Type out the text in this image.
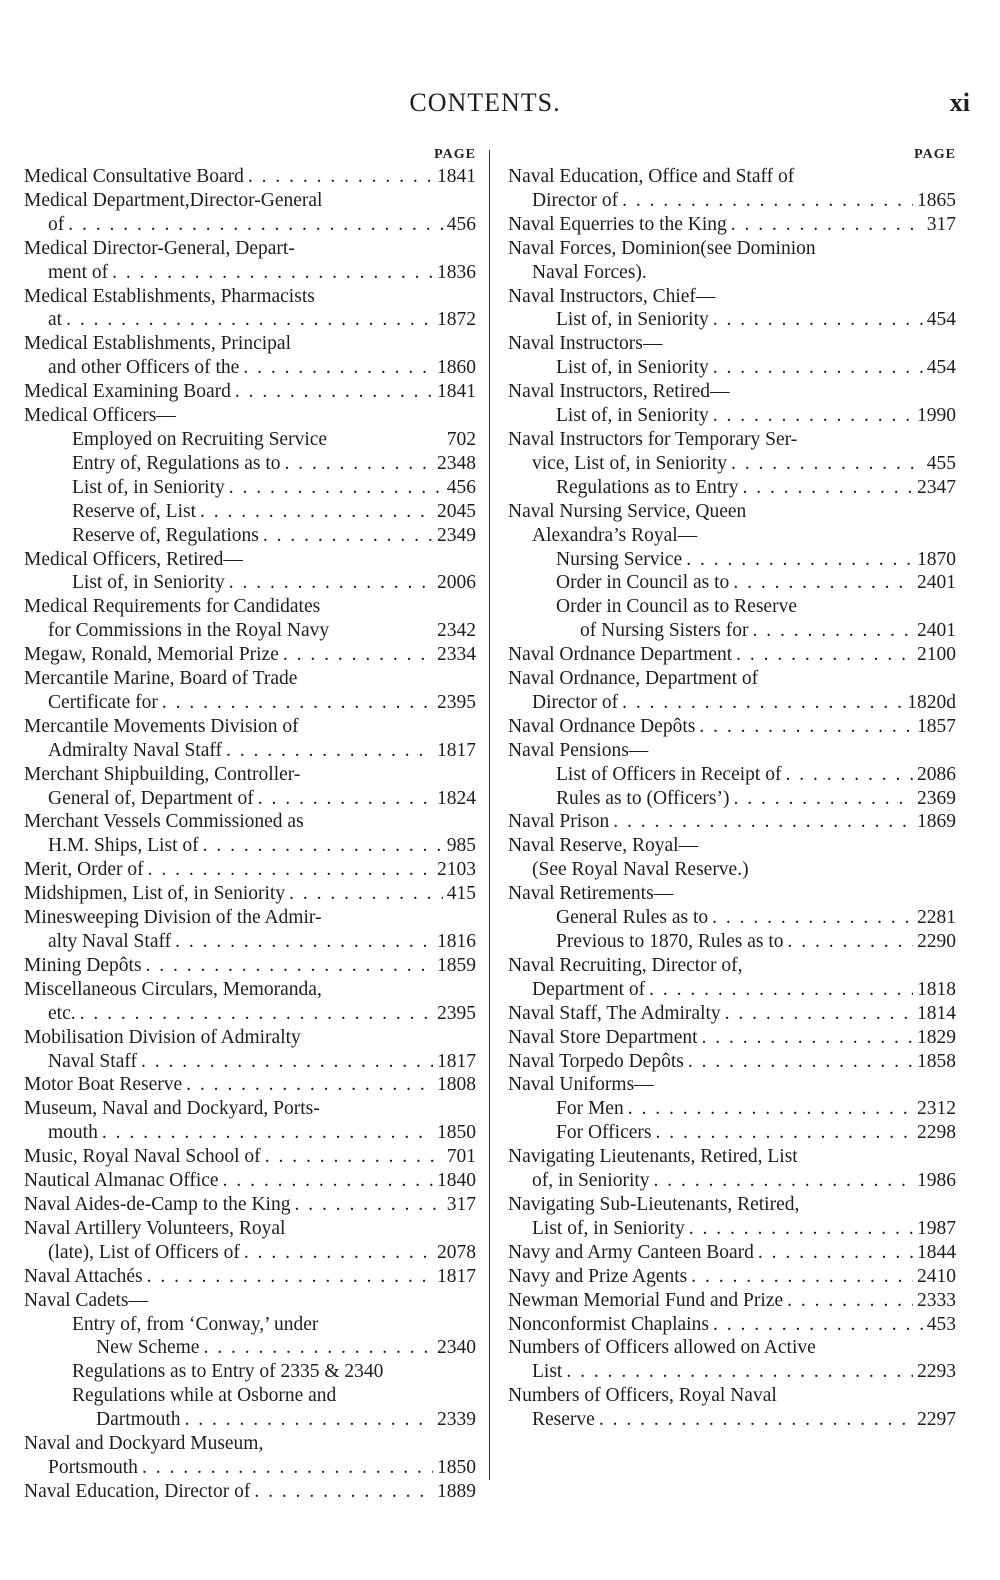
CONTENTS.	xi
PAGE
Medical Consultative Board . . .	1841
Medical Department,Director-General
of . . .	456
Medical Director-General, Depart-
ment of . . .	1836
Medical Establishments, Pharmacists
at . . .	1872
Medical Establishments, Principal
and other Officers of the . . .	1860
Medical Examining Board . . .	1841
Medical Officers—
Employed on Recruiting Service	702
Entry of, Regulations as to . . .	2348
List of, in Seniority . . .	456
Reserve of, List . . .	2045
Reserve of, Regulations . . .	2349
Medical Officers, Retired—
List of, in Seniority . . .	2006
Medical Requirements for Candidates
for Commissions in the Royal Navy	2342
Megaw, Ronald, Memorial Prize . . .	2334
Mercantile Marine, Board of Trade
Certificate for . . .	2395
Mercantile Movements Division of
Admiralty Naval Staff . . .	1817
Merchant Shipbuilding, Controller-
General of, Department of . . .	1824
Merchant Vessels Commissioned as
H.M. Ships, List of . . .	985
Merit, Order of . . .	2103
Midshipmen, List of, in Seniority . . .	415
Minesweeping Division of the Admir-
alty Naval Staff . . .	1816
Mining Depôts . . .	1859
Miscellaneous Circulars, Memoranda,
etc. . . .	2395
Mobilisation Division of Admiralty
Naval Staff . . .	1817
Motor Boat Reserve . . .	1808
Museum, Naval and Dockyard, Ports-
mouth . . .	1850
Music, Royal Naval School of . . .	701
Nautical Almanac Office . . .	1840
Naval Aides-de-Camp to the King . . .	317
Naval Artillery Volunteers, Royal
(late), List of Officers of . . .	2078
Naval Attachés . . .	1817
Naval Cadets—
Entry of, from ‘Conway,’ under
New Scheme . . .	2340
Regulations as to Entry of 2335 & 2340
Regulations while at Osborne and
Dartmouth . . .	2339
Naval and Dockyard Museum,
Portsmouth . . .	1850
Naval Education, Director of . . .	1889
PAGE
Naval Education, Office and Staff of
Director of . . .	1865
Naval Equerries to the King . . .	317
Naval Forces, Dominion(see Dominion
Naval Forces).
Naval Instructors, Chief—
List of, in Seniority . . .	454
Naval Instructors—
List of, in Seniority . . .	454
Naval Instructors, Retired—
List of, in Seniority . . .	1990
Naval Instructors for Temporary Ser-
vice, List of, in Seniority . . .	455
Regulations as to Entry . . .	2347
Naval Nursing Service, Queen
Alexandra’s Royal—
Nursing Service . . .	1870
Order in Council as to . . .	2401
Order in Council as to Reserve
of Nursing Sisters for . . .	2401
Naval Ordnance Department . . .	2100
Naval Ordnance, Department of
Director of . . .	1820d
Naval Ordnance Depôts . . .	1857
Naval Pensions—
List of Officers in Receipt of . . .	2086
Rules as to (Officers’) . . .	2369
Naval Prison . . .	1869
Naval Reserve, Royal—
(See Royal Naval Reserve.)
Naval Retirements—
General Rules as to . . .	2281
Previous to 1870, Rules as to . . .	2290
Naval Recruiting, Director of,
Department of . . .	1818
Naval Staff, The Admiralty . . .	1814
Naval Store Department . . .	1829
Naval Torpedo Depôts . . .	1858
Naval Uniforms—
For Men . . .	2312
For Officers . . .	2298
Navigating Lieutenants, Retired, List
of, in Seniority . . .	1986
Navigating Sub-Lieutenants, Retired,
List of, in Seniority . . .	1987
Navy and Army Canteen Board . . .	1844
Navy and Prize Agents . . .	2410
Newman Memorial Fund and Prize . . .	2333
Nonconformist Chaplains . . .	453
Numbers of Officers allowed on Active
List . . .	2293
Numbers of Officers, Royal Naval
Reserve . . .	2297
